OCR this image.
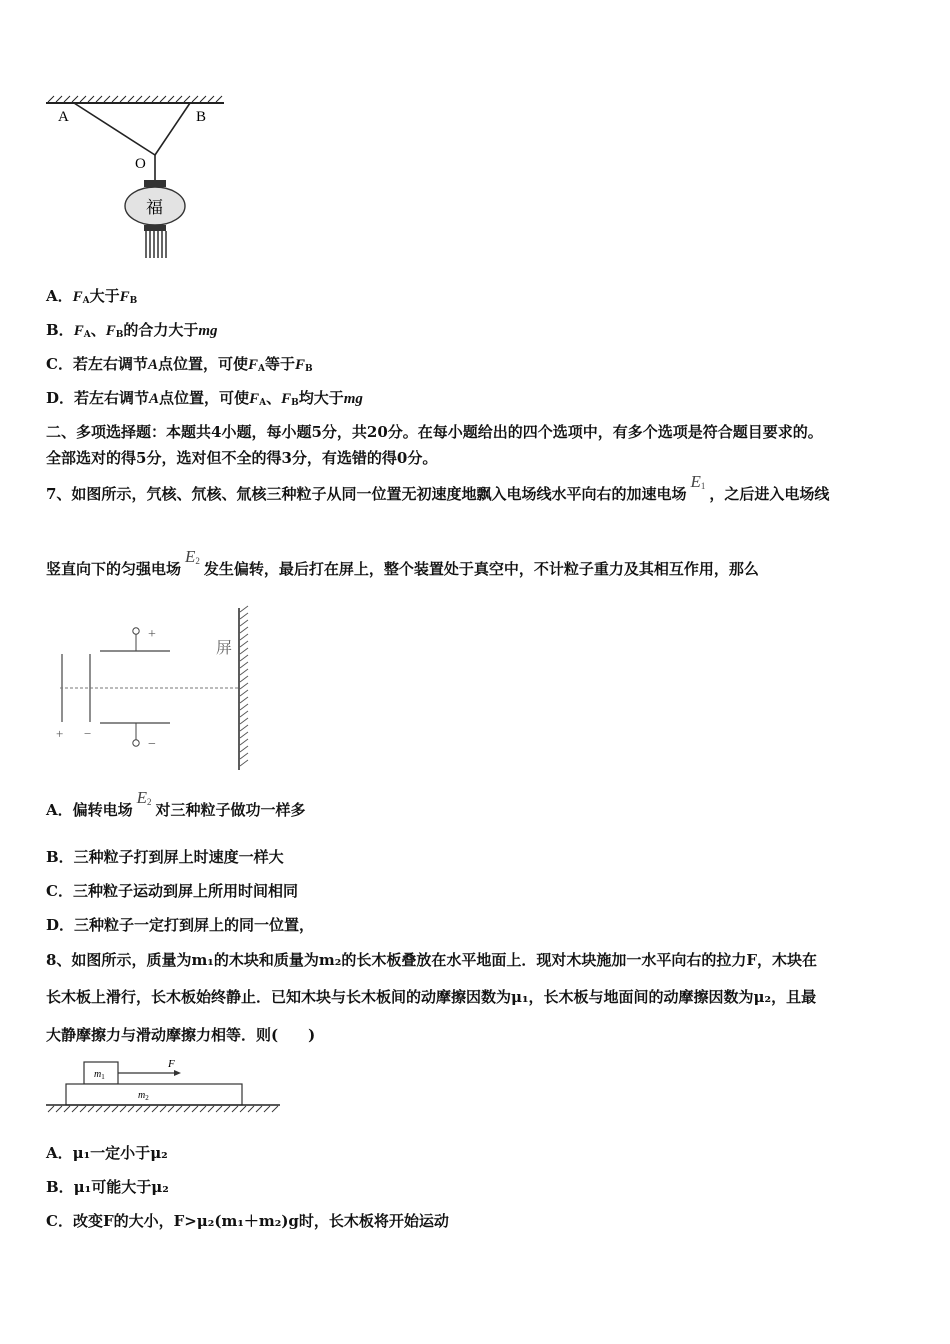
A	B
O
福
A．$F_A$大于$F_B$
B．$F_A$、$F_B$的合力大于mg
C．若左右调节A点位置，可使$F_A$等于$F_B$
D．若左右调节A点位置，可使$F_A$、$F_B$均大于mg
二、多项选择题：本题共4小题，每小题5分，共20分。在每小题给出的四个选项中，有多个选项是符合题目要求的。
全部选对的得5分，选对但不全的得3分，有选错的得0分。
7、如图所示，氕核、氘核、氚核三种粒子从同一位置无初速度地飘入电场线水平向右的加速电场$E_1$ ，之后进入电场线
竖直向下的匀强电场$E_2$ 发生偏转，最后打在屏上，整个装置处于真空中，不计粒子重力及其相互作用，那么
+ −
+
−
屏
A．偏转电场$E_2$ 对三种粒子做功一样多
B．三种粒子打到屏上时速度一样大
C．三种粒子运动到屏上所用时间相同
D．三种粒子一定打到屏上的同一位置，
8、如图所示，质量为m₁的木块和质量为m₂的长木板叠放在水平地面上．现对木块施加一水平向右的拉力F，木块在
长木板上滑行，长木板始终静止．已知木块与长木板间的动摩擦因数为μ₁，长木板与地面间的动摩擦因数为μ₂，且最
大静摩擦力与滑动摩擦力相等．则(　　)
$m_1$
F
$m_2$
A．μ₁一定小于μ₂
B．μ₁可能大于μ₂
C．改变F的大小，F>μ₂(m₁＋m₂)g时，长木板将开始运动
